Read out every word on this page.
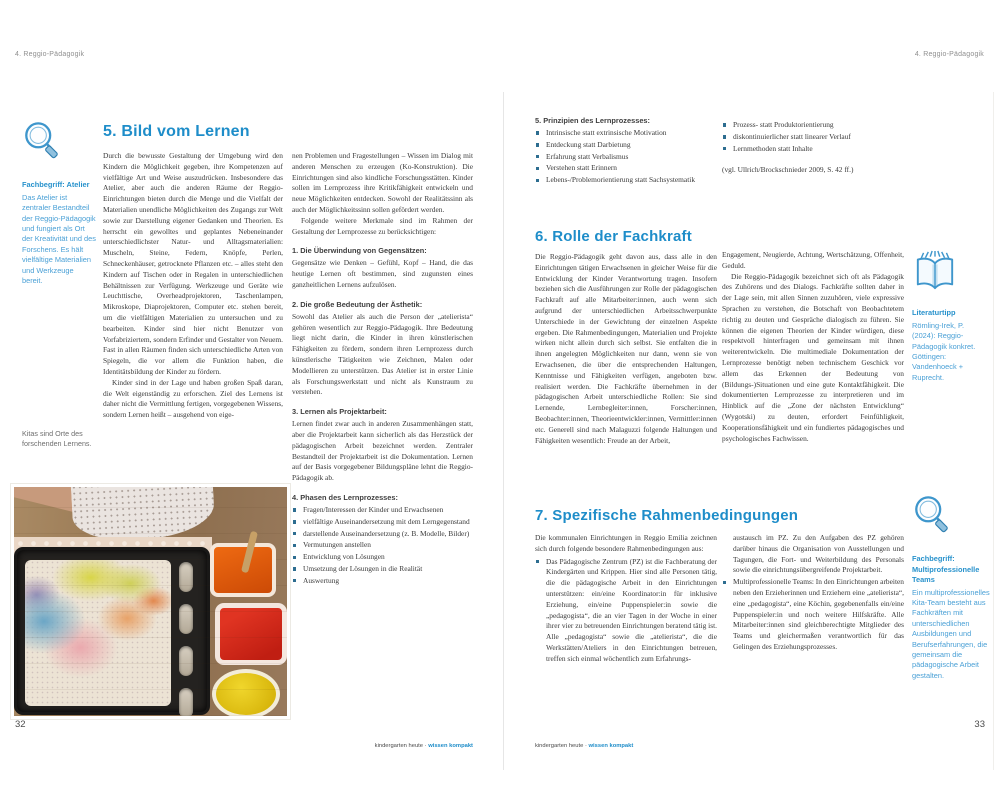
4. Reggio-Pädagogik	4. Reggio-Pädagogik
Fachbegriff: Atelier
Das Atelier ist zentraler Bestandteil der Reggio-Pädagogik und fungiert als Ort der Kreativität und des Forschens. Es hält vielfältige Materialien und Werkzeuge bereit.
Kitas sind Orte des forschenden Lernens.
5. Bild vom Lernen

Durch die bewusste Gestaltung der Umgebung wird den Kindern die Möglichkeit gegeben, ihre Kompetenzen auf vielfältige Art und Weise auszudrücken. Insbesondere das Atelier, aber auch die anderen Räume der Reggio-Einrichtungen bieten durch die Menge und die Vielfalt der Materialien unendliche Möglichkeiten des Zugangs zur Welt sowie zur Darstellung eigener Gedanken und Theorien. Es herrscht ein gewolltes und geplantes Nebeneinander unterschiedlichster Natur- und Alltagsmaterialien: Muscheln, Steine, Federn, Knöpfe, Perlen, Schneckenhäuser, getrocknete Pflanzen etc. – alles steht den Kindern auf Tischen oder in Regalen in unterschiedlichen Behältnissen zur Verfügung. Werkzeuge und Geräte wie Leuchttische, Overheadprojektoren, Taschenlampen, Mikroskope, Diaprojektoren, Computer etc. stehen bereit, um die vielfältigen Materialien zu untersuchen und zu bearbeiten. Kinder sind hier nicht Benutzer von Vorfabriziertem, sondern Erfinder und Gestalter von Neuem. Fast in allen Räumen finden sich unterschiedliche Arten von Spiegeln, die vor allem die Funktion haben, die Identitätsbildung der Kinder zu fördern.

Kinder sind in der Lage und haben großen Spaß daran, die Welt eigenständig zu erforschen. Ziel des Lernens ist daher nicht die Vermittlung fertigen, vorgegebenen Wissens, sondern Lernen heißt – ausgehend von eige-

nen Problemen und Fragestellungen – Wissen im Dialog mit anderen Menschen zu erzeugen (Ko-Konstruktion). Die Einrichtungen sind also kindliche Forschungsstätten. Kinder sollen im Lernprozess ihre Kritikfähigkeit entwickeln und neue Möglichkeiten entdecken. Sowohl der Realitätssinn als auch der Möglichkeitssinn sollen gefördert werden.

Folgende weitere Merkmale sind im Rahmen der Gestaltung der Lernprozesse zu berücksichtigen:

1. Die Überwindung von Gegensätzen:

Gegensätze wie Denken – Gefühl, Kopf – Hand, die das heutige Lernen oft bestimmen, sind zugunsten eines ganzheitlichen Lernens aufzulösen.

2. Die große Bedeutung der Ästhetik:

Sowohl das Atelier als auch die Person der „atelierista“ gehören wesentlich zur Reggio-Pädagogik. Ihre Bedeutung liegt nicht darin, die Kinder in ihren künstlerischen Fähigkeiten zu fördern, sondern ihren Lernprozess durch künstlerische Tätigkeiten wie Zeichnen, Malen oder Modellieren zu unterstützen. Das Atelier ist in erster Linie als Forschungswerkstatt und nicht als Kunstraum zu verstehen.

3. Lernen als Projektarbeit:

Lernen findet zwar auch in anderen Zusammenhängen statt, aber die Projektarbeit kann sicherlich als das Herzstück der pädagogischen Arbeit bezeichnet werden. Zentraler Bestandteil der Projektarbeit ist die Dokumentation. Lernen auf der Basis vorgegebener Bildungspläne lehnt die Reggio-Pädagogik ab.

4. Phasen des Lernprozesses:
Fragen/Interessen der Kinder und Erwachsenen
vielfältige Auseinandersetzung mit dem Lerngegenstand
darstellende Auseinandersetzung (z. B. Modelle, Bilder)
Vermutungen anstellen
Entwicklung von Lösungen
Umsetzung der Lösungen in die Realität
Auswertung
32
kindergarten heute · wissen kompakt
5. Prinzipien des Lernprozesses:
Intrinsische statt extrinsische Motivation
Entdeckung statt Darbietung
Erfahrung statt Verbalismus
Verstehen statt Erinnern
Lebens-/Problemorientierung statt Sachsystematik
Prozess- statt Produktorientierung
diskontinuierlicher statt linearer Verlauf
Lernmethoden statt Inhalte
(vgl. Ullrich/Brockschnieder 2009, S. 42 ff.)
6. Rolle der Fachkraft

Die Reggio-Pädagogik geht davon aus, dass alle in den Einrichtungen tätigen Erwachsenen in gleicher Weise für die Entwicklung der Kinder Verantwortung tragen. Insofern beziehen sich die Ausführungen zur Rolle der pädagogischen Fachkraft auf alle Mitarbeiter:innen, auch wenn sich aufgrund der unterschiedlichen Arbeitsschwerpunkte Unterschiede in der Gewichtung der einzelnen Aspekte ergeben. Die Rahmenbedingungen, Materialien und Projekte wirken nicht allein durch sich selbst. Sie entfalten die in ihnen angelegten Möglichkeiten nur dann, wenn sie von Erwachsenen, die über die entsprechenden Haltungen, Kenntnisse und Fähigkeiten verfügen, angeboten bzw. realisiert werden. Die Fachkräfte übernehmen in der pädagogischen Arbeit unterschiedliche Rollen: Sie sind Lernende, Lernbegleiter:innen, Forscher:innen, Beobachter:innen, Theorieentwickler:innen, Vermittler:innen etc. Generell sind nach Malaguzzi folgende Haltungen und Fähigkeiten wesentlich: Freude an der Arbeit,

Engagement, Neugierde, Achtung, Wertschätzung, Offenheit, Geduld.

Die Reggio-Pädagogik bezeichnet sich oft als Pädagogik des Zuhörens und des Dialogs. Fachkräfte sollten daher in der Lage sein, mit allen Sinnen zuzuhören, viele expressive Sprachen zu verstehen, die Botschaft von Beobachtetem richtig zu deuten und Gespräche dialogisch zu führen. Sie können die eigenen Theorien der Kinder würdigen, diese respektvoll hinterfragen und gemeinsam mit ihnen weiterentwickeln. Die multimediale Dokumentation der Lernprozesse benötigt neben technischem Geschick vor allem das Erkennen der Bedeutung von (Bildungs-)Situationen und eine gute Kontaktfähigkeit. Die dokumentierten Lernprozesse zu interpretieren und im Hinblick auf die „Zone der nächsten Entwicklung“ (Wygotski) zu deuten, erfordert Feinfühligkeit, Kooperationsfähigkeit und ein fundiertes pädagogisches und psychologisches Fachwissen.

7. Spezifische Rahmenbedingungen

Die kommunalen Einrichtungen in Reggio Emilia zeichnen sich durch folgende besondere Rahmenbedingungen aus:

Das Pädagogische Zentrum (PZ) ist die Fachberatung der Kindergärten und Krippen. Hier sind alle Personen tätig, die die pädagogische Arbeit in den Einrichtungen unterstützen: ein/eine Koordinator:in für inklusive Erziehung, ein/eine Puppenspieler:in sowie die „pedagogista“, die an vier Tagen in der Woche in einer ihrer vier zu betreuenden Einrichtungen beratend tätig ist. Alle „pedagogista“ sowie die „atelierista“, die die Werkstätten/Ateliers in den Einrichtungen betreuen, treffen sich einmal wöchentlich zum Erfahrungs-
austausch im PZ. Zu den Aufgaben des PZ gehören darüber hinaus die Organisation von Ausstellungen und Tagungen, die Fort- und Weiterbildung des Personals sowie die einrichtungsübergreifende Projektarbeit.
Multiprofessionelle Teams: In den Einrichtungen arbeiten neben den Erzieherinnen und Erziehern eine „atelierista“, eine „pedagogista“, eine Köchin, gegebenenfalls ein/eine Puppenspieler:in und noch weitere Hilfskräfte. Alle Mitarbeiter:innen sind gleichberechtigte Mitglieder des Teams und gleichermaßen verantwortlich für das Gelingen des Erziehungsprozesses.
Literaturtipp
Römling-Irek, P. (2024): Reggio-Pädagogik konkret. Göttingen: Vandenhoeck + Ruprecht.
Fachbegriff: Multiprofessionelle Teams
Ein multiprofessionelles Kita-Team besteht aus Fachkräften mit unterschiedlichen Ausbildungen und Berufserfahrungen, die gemeinsam die pädagogische Arbeit gestalten.
33
kindergarten heute · wissen kompakt
